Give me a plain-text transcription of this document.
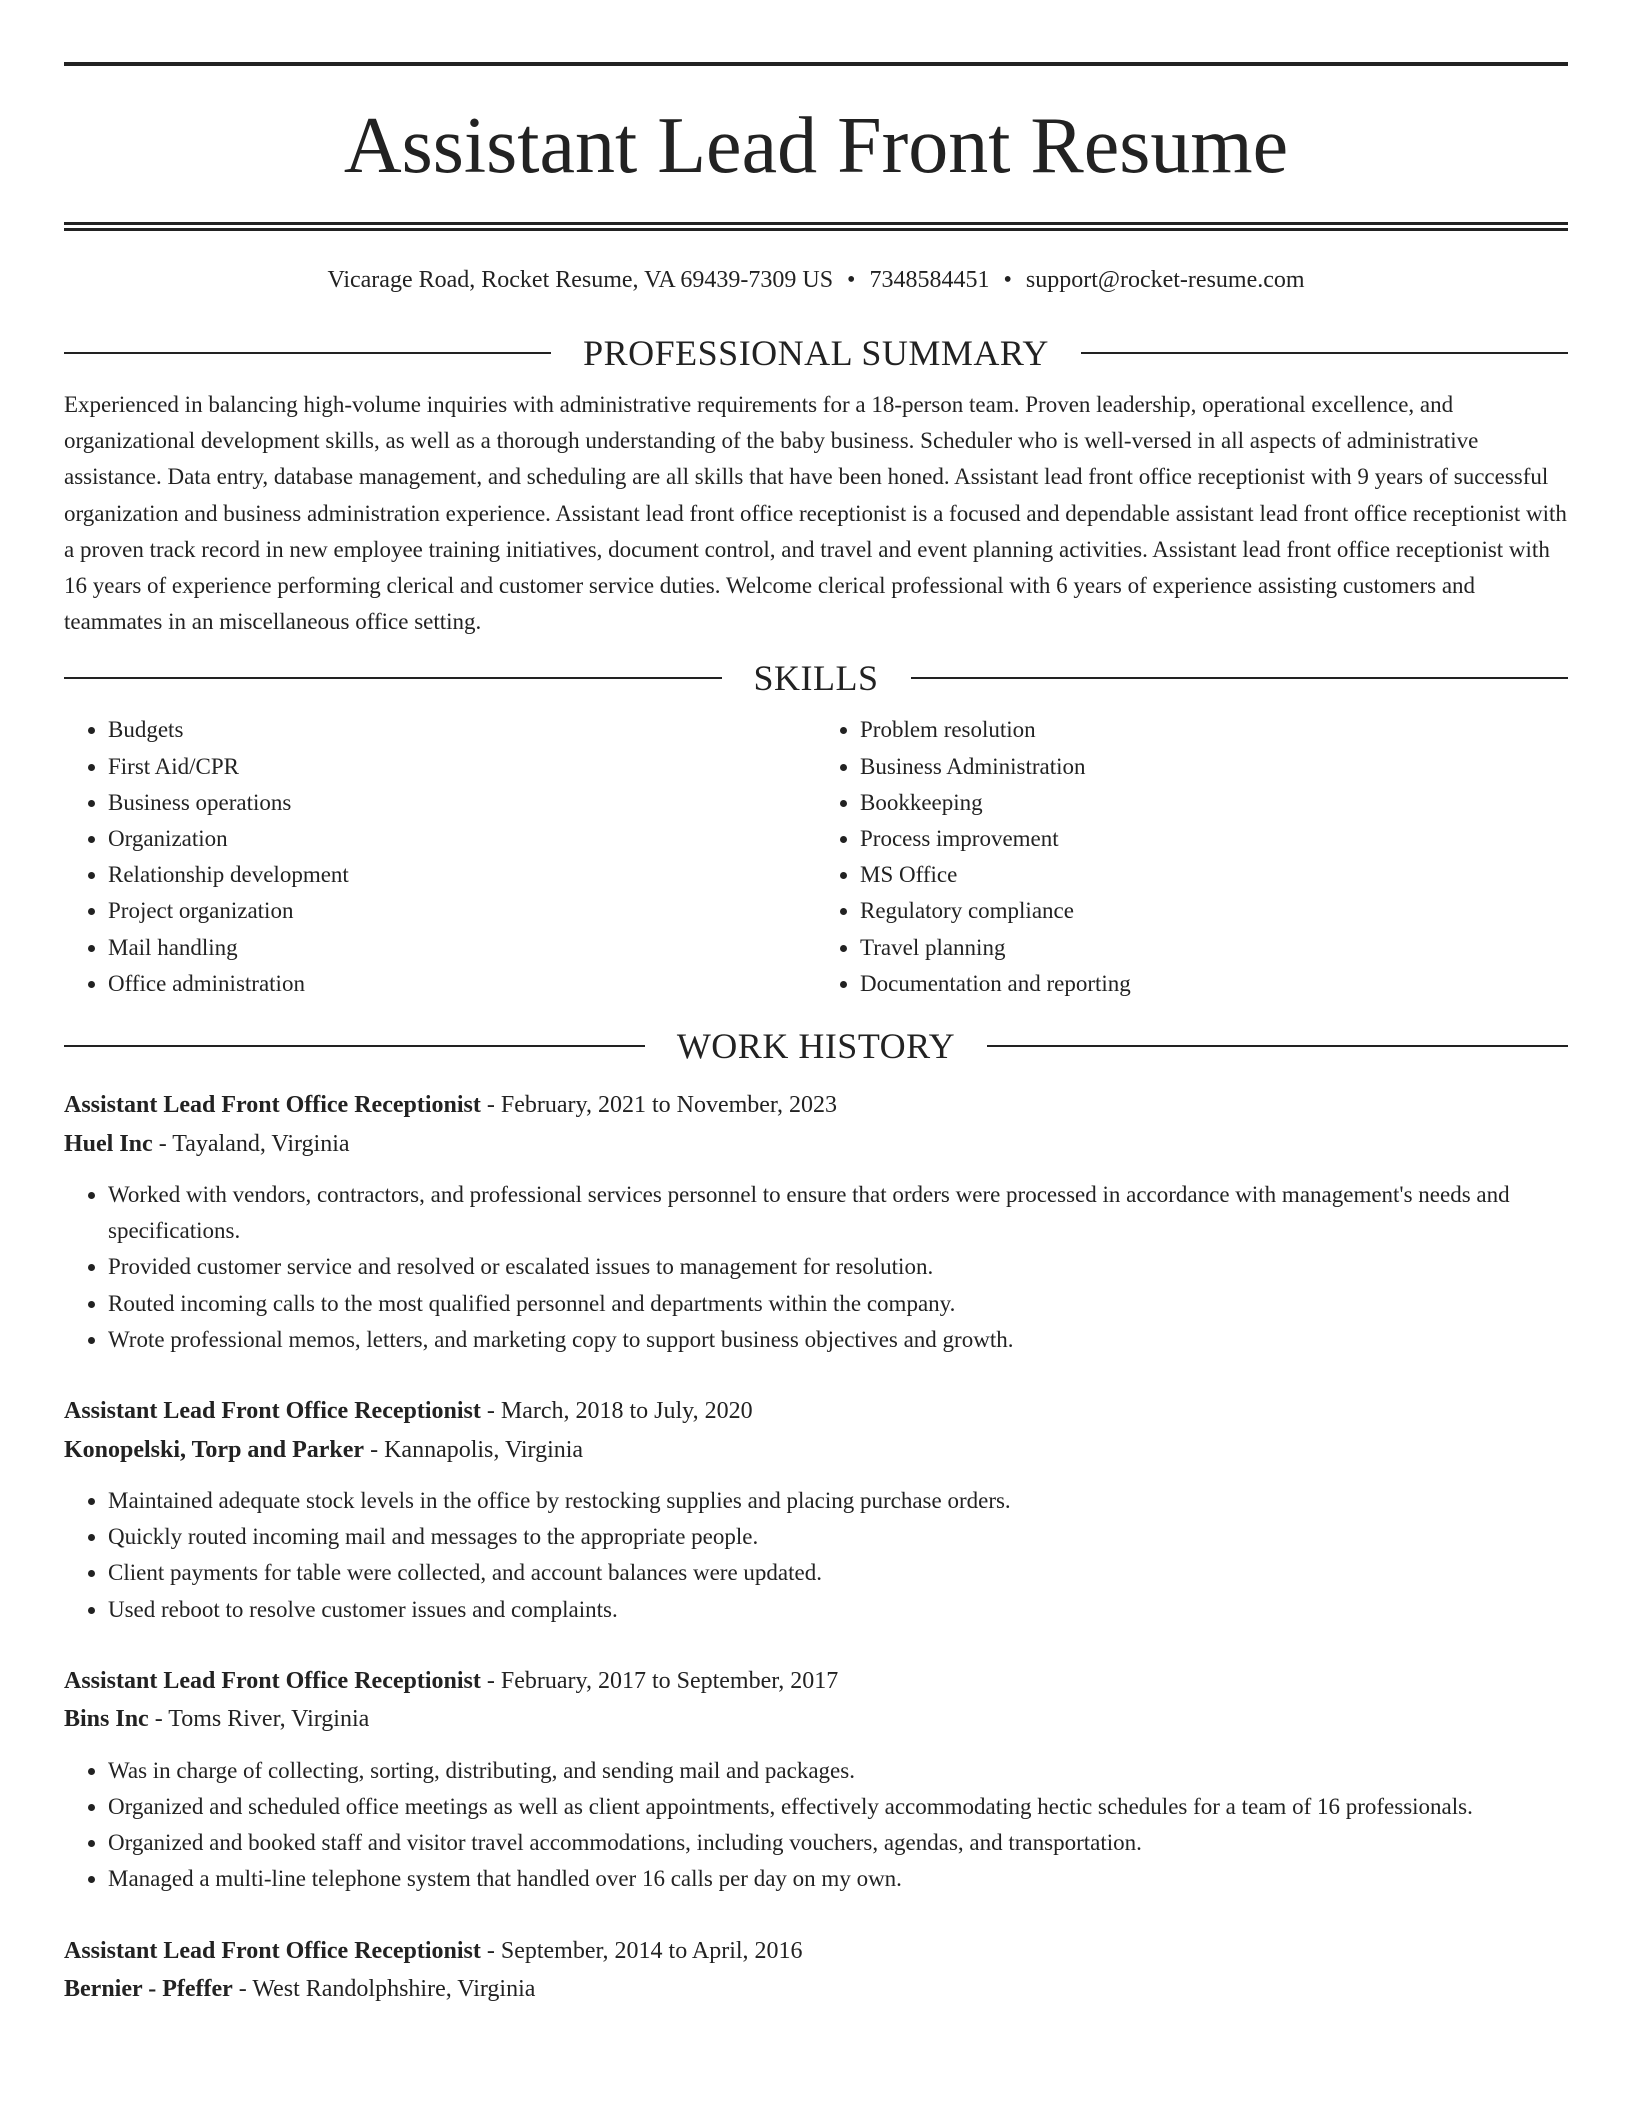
Assistant Lead Front Resume
Vicarage Road, Rocket Resume, VA 69439-7309 US • 7348584451 • support@rocket-resume.com
PROFESSIONAL SUMMARY

Experienced in balancing high-volume inquiries with administrative requirements for a 18-person team. Proven leadership, operational excellence, and organizational development skills, as well as a thorough understanding of the baby business. Scheduler who is well-versed in all aspects of administrative assistance. Data entry, database management, and scheduling are all skills that have been honed. Assistant lead front office receptionist with 9 years of successful organization and business administration experience. Assistant lead front office receptionist is a focused and dependable assistant lead front office receptionist with a proven track record in new employee training initiatives, document control, and travel and event planning activities. Assistant lead front office receptionist with 16 years of experience performing clerical and customer service duties. Welcome clerical professional with 6 years of experience assisting customers and teammates in an miscellaneous office setting.

SKILLS
• Budgets
• First Aid/CPR
• Business operations
• Organization
• Relationship development
• Project organization
• Mail handling
• Office administration
• Problem resolution
• Business Administration
• Bookkeeping
• Process improvement
• MS Office
• Regulatory compliance
• Travel planning
• Documentation and reporting
WORK HISTORY
Assistant Lead Front Office Receptionist - February, 2021 to November, 2023
Huel Inc - Tayaland, Virginia
• Worked with vendors, contractors, and professional services personnel to ensure that orders were processed in accordance with management's needs and specifications.
• Provided customer service and resolved or escalated issues to management for resolution.
• Routed incoming calls to the most qualified personnel and departments within the company.
• Wrote professional memos, letters, and marketing copy to support business objectives and growth.
Assistant Lead Front Office Receptionist - March, 2018 to July, 2020
Konopelski, Torp and Parker - Kannapolis, Virginia
• Maintained adequate stock levels in the office by restocking supplies and placing purchase orders.
• Quickly routed incoming mail and messages to the appropriate people.
• Client payments for table were collected, and account balances were updated.
• Used reboot to resolve customer issues and complaints.
Assistant Lead Front Office Receptionist - February, 2017 to September, 2017
Bins Inc - Toms River, Virginia
• Was in charge of collecting, sorting, distributing, and sending mail and packages.
• Organized and scheduled office meetings as well as client appointments, effectively accommodating hectic schedules for a team of 16 professionals.
• Organized and booked staff and visitor travel accommodations, including vouchers, agendas, and transportation.
• Managed a multi-line telephone system that handled over 16 calls per day on my own.
Assistant Lead Front Office Receptionist - September, 2014 to April, 2016
Bernier - Pfeffer - West Randolphshire, Virginia
